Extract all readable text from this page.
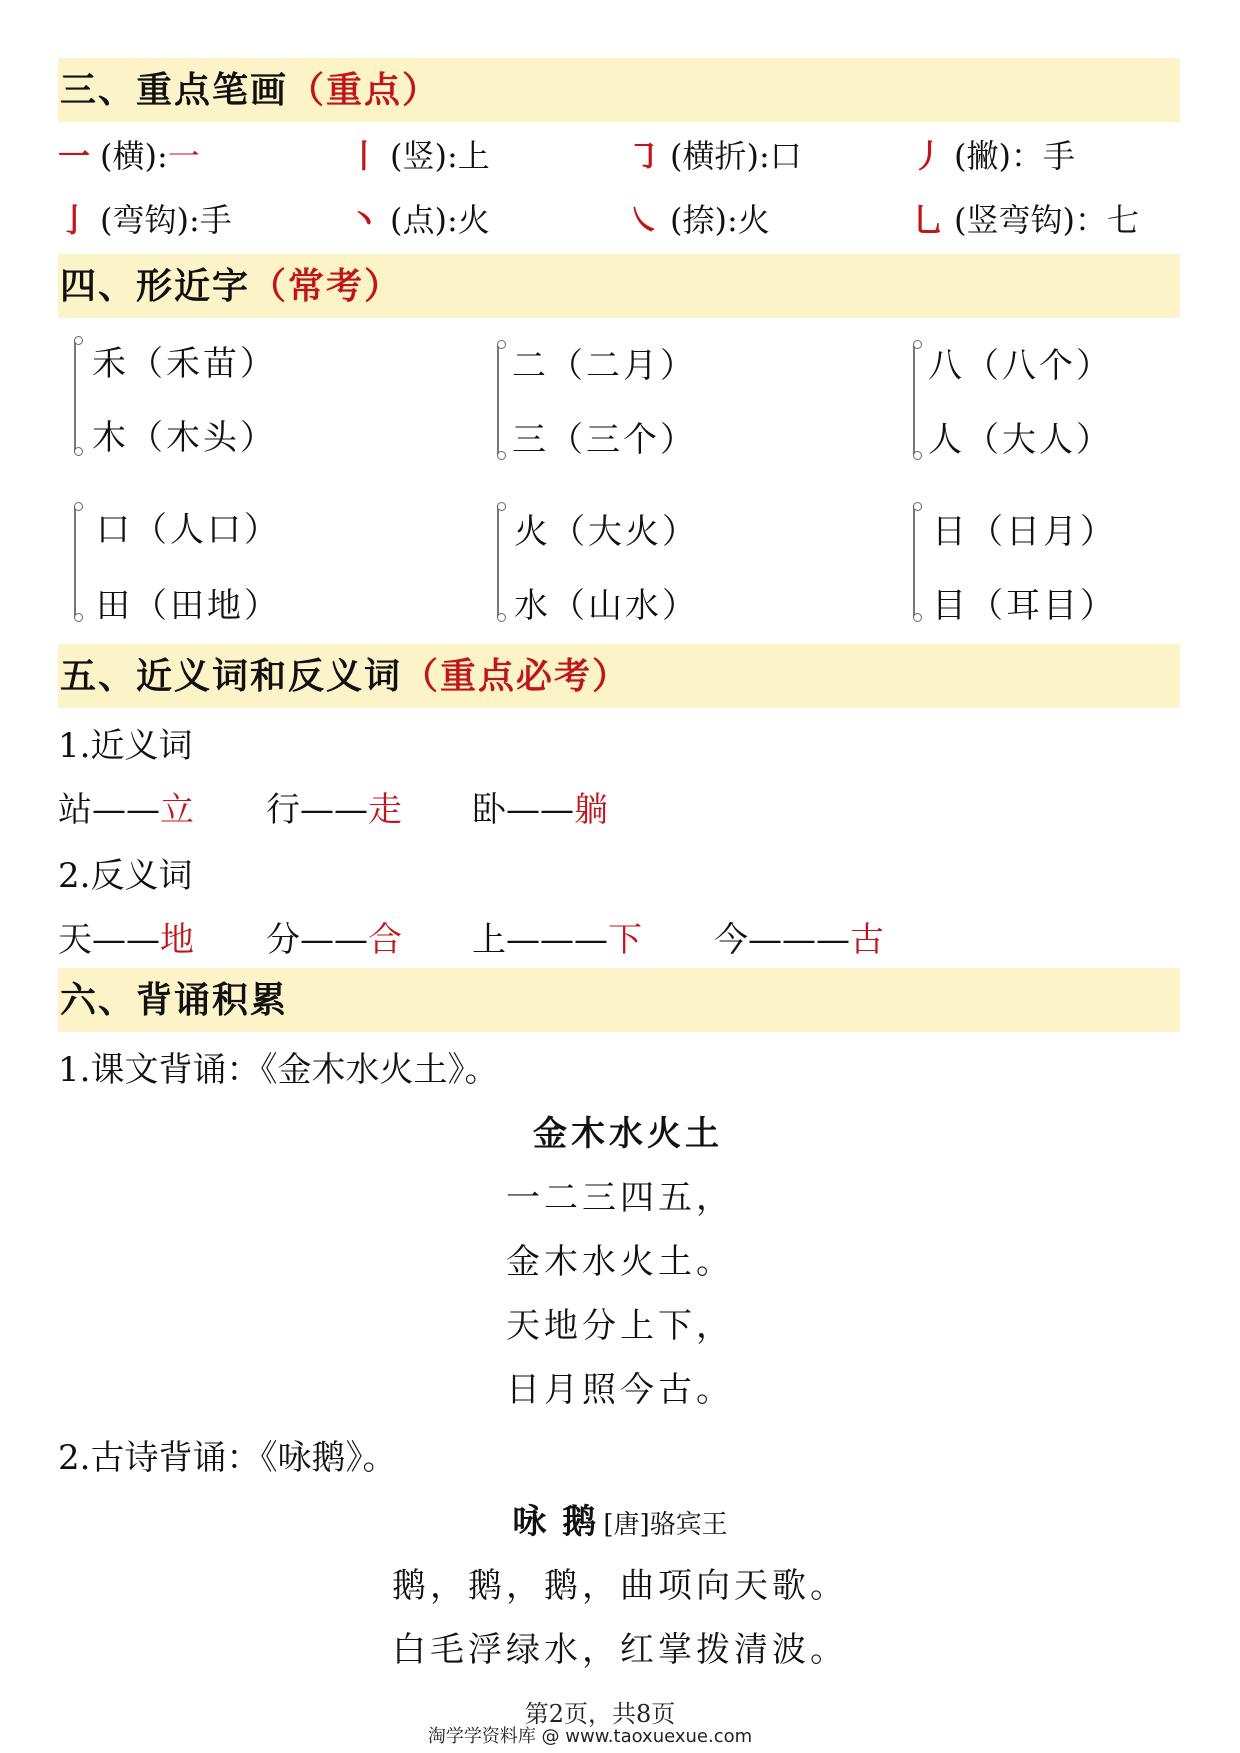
三、重点笔画（重点）
一 (横):一	丨 (竖):上	㇆ (横折):口	丿 (撇)：手
亅 (弯钩):手	丶 (点):火	㇏ (捺):火	乚 (竖弯钩)：七
四、形近字（常考）
禾（禾苗）
木（木头）
二（二月）
三（三个）
八（八个）
人（大人）
口（人口）
田（田地）
火（大火）
水（山水）
日（日月）
目（耳目）
五、近义词和反义词（重点必考）
1.近义词
站——立 行——走 卧——躺
2.反义词
天——地 分——合 上———下 今———古
六、背诵积累
1.课文背诵：《金木水火土》。
金木水火土
一二三四五，
金木水火土。
天地分上下，
日月照今古。
2.古诗背诵：《咏鹅》。
咏 鹅 [唐]骆宾王
鹅，鹅，鹅，曲项向天歌。
白毛浮绿水，红掌拨清波。
第2页，共8页
淘学学资料库 @ www.taoxuexue.com
